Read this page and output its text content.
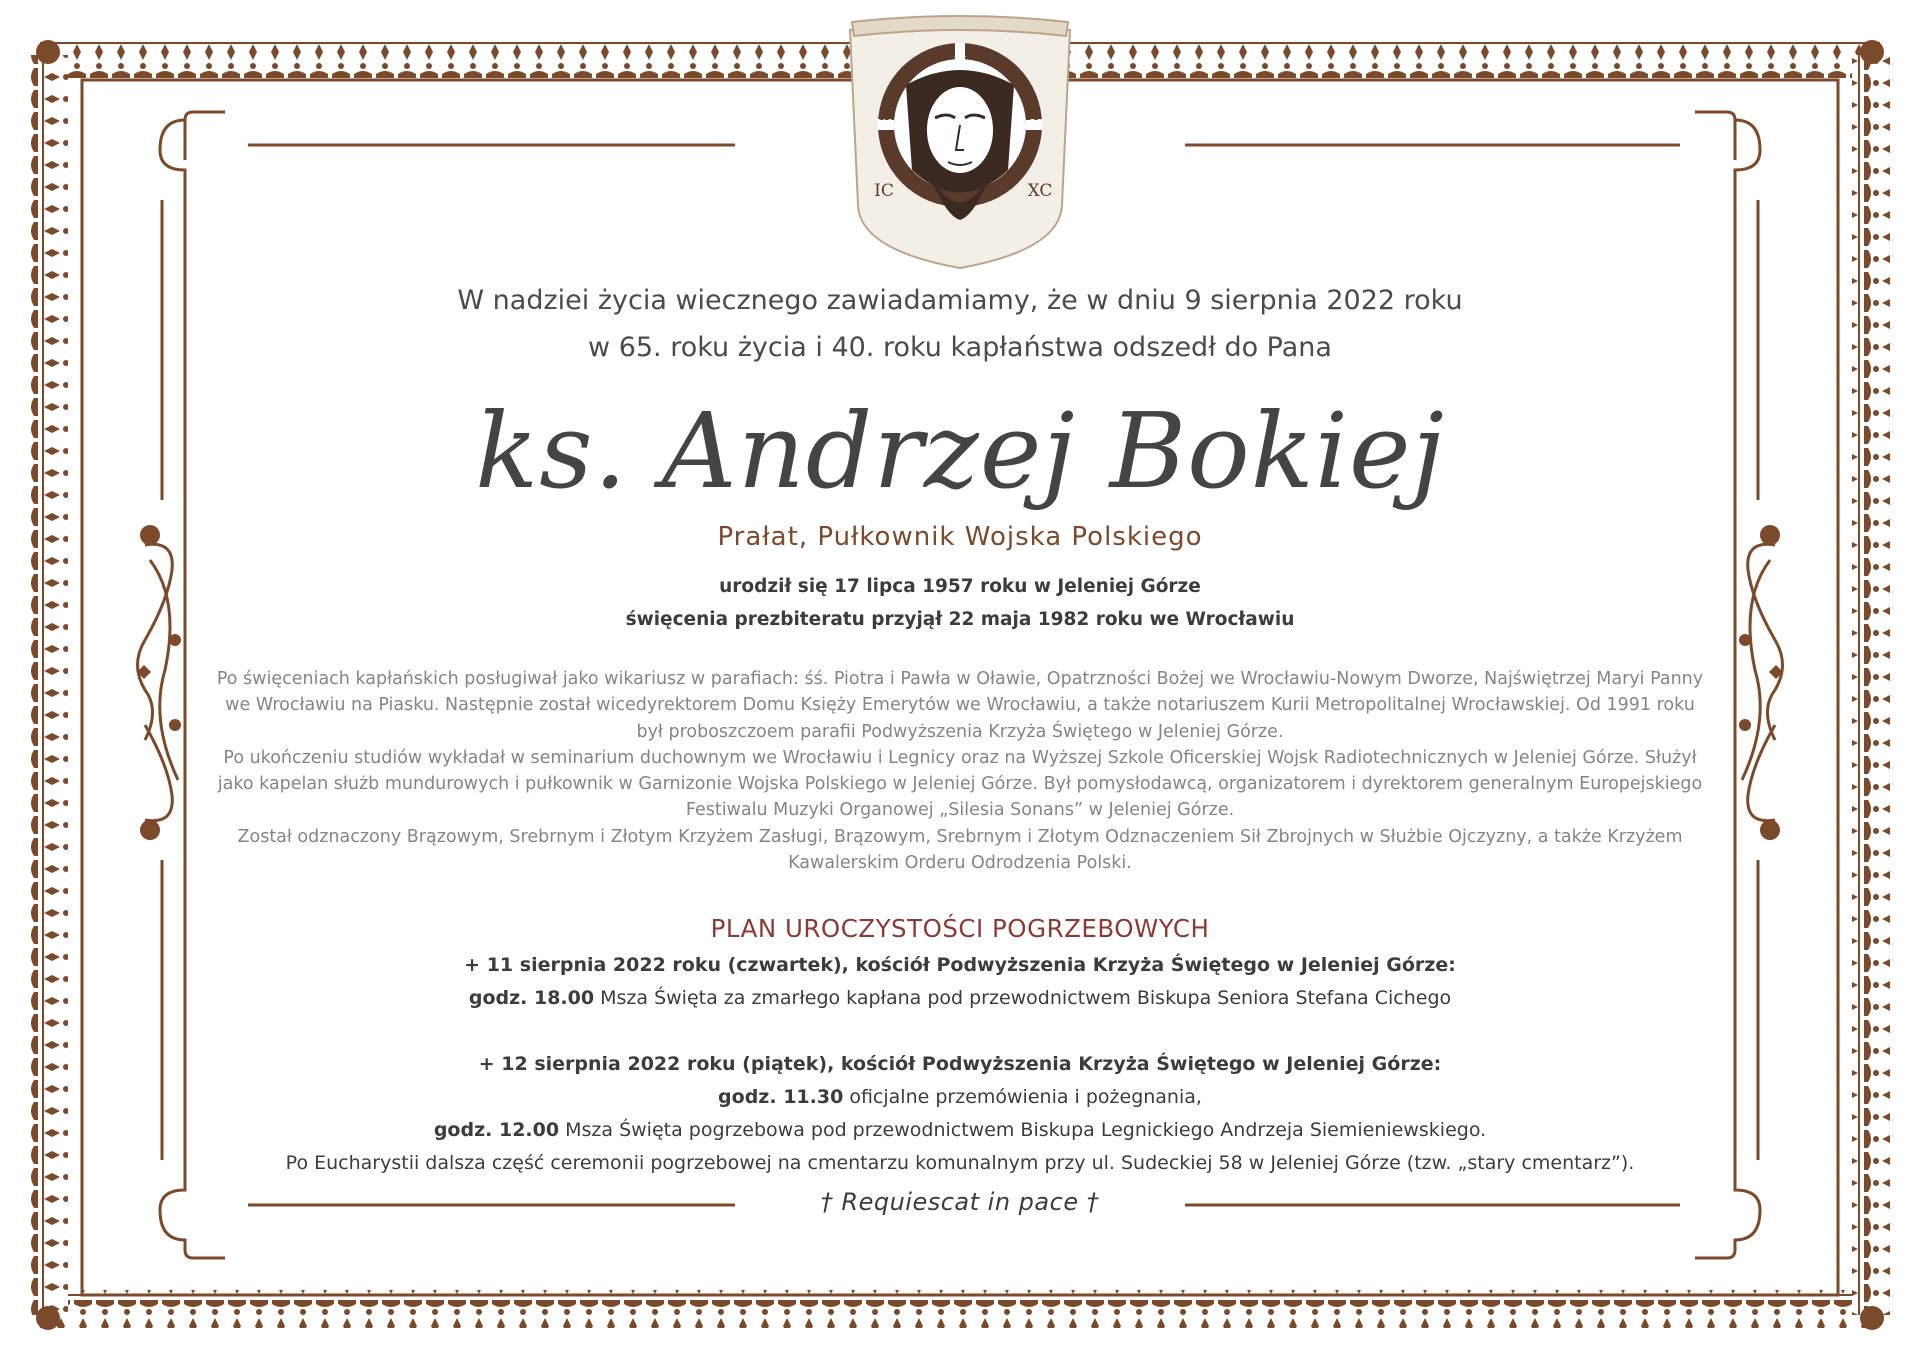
A
W	H
IC	XC
W nadziei życia wiecznego zawiadamiamy, że w dniu 9 sierpnia 2022 roku
w 65. roku życia i 40. roku kapłaństwa odszedł do Pana
ks. Andrzej Bokiej
Prałat, Pułkownik Wojska Polskiego
urodził się 17 lipca 1957 roku w Jeleniej Górze
święcenia prezbiteratu przyjął 22 maja 1982 roku we Wrocławiu

Po święceniach kapłańskich posługiwał jako wikariusz w parafiach: śś. Piotra i Pawła w Oławie, Opatrzności Bożej we Wrocławiu-Nowym Dworze, Najświętrzej Maryi Panny we Wrocławiu na Piasku. Następnie został wicedyrektorem Domu Księży Emerytów we Wrocławiu, a także notariuszem Kurii Metropolitalnej Wrocławskiej. Od 1991 roku był proboszczoem parafii Podwyższenia Krzyża Świętego w Jeleniej Górze.

Po ukończeniu studiów wykładał w seminarium duchownym we Wrocławiu i Legnicy oraz na Wyższej Szkole Oficerskiej Wojsk Radiotechnicznych w Jeleniej Górze. Służył jako kapelan służb mundurowych i pułkownik w Garnizonie Wojska Polskiego w Jeleniej Górze. Był pomysłodawcą, organizatorem i dyrektorem generalnym Europejskiego Festiwalu Muzyki Organowej „Silesia Sonans” w Jeleniej Górze.

Został odznaczony Brązowym, Srebrnym i Złotym Krzyżem Zasługi, Brązowym, Srebrnym i Złotym Odznaczeniem Sił Zbrojnych w Służbie Ojczyzny, a także Krzyżem Kawalerskim Orderu Odrodzenia Polski.

PLAN UROCZYSTOŚCI POGRZEBOWYCH
+ 11 sierpnia 2022 roku (czwartek), kościół Podwyższenia Krzyża Świętego w Jeleniej Górze:
godz. 18.00 Msza Święta za zmarłego kapłana pod przewodnictwem Biskupa Seniora Stefana Cichego
+ 12 sierpnia 2022 roku (piątek), kościół Podwyższenia Krzyża Świętego w Jeleniej Górze:
godz. 11.30 oficjalne przemówienia i pożegnania,
godz. 12.00 Msza Święta pogrzebowa pod przewodnictwem Biskupa Legnickiego Andrzeja Siemieniewskiego.
Po Eucharystii dalsza część ceremonii pogrzebowej na cmentarzu komunalnym przy ul. Sudeckiej 58 w Jeleniej Górze (tzw. „stary cmentarz”).
† Requiescat in pace †
